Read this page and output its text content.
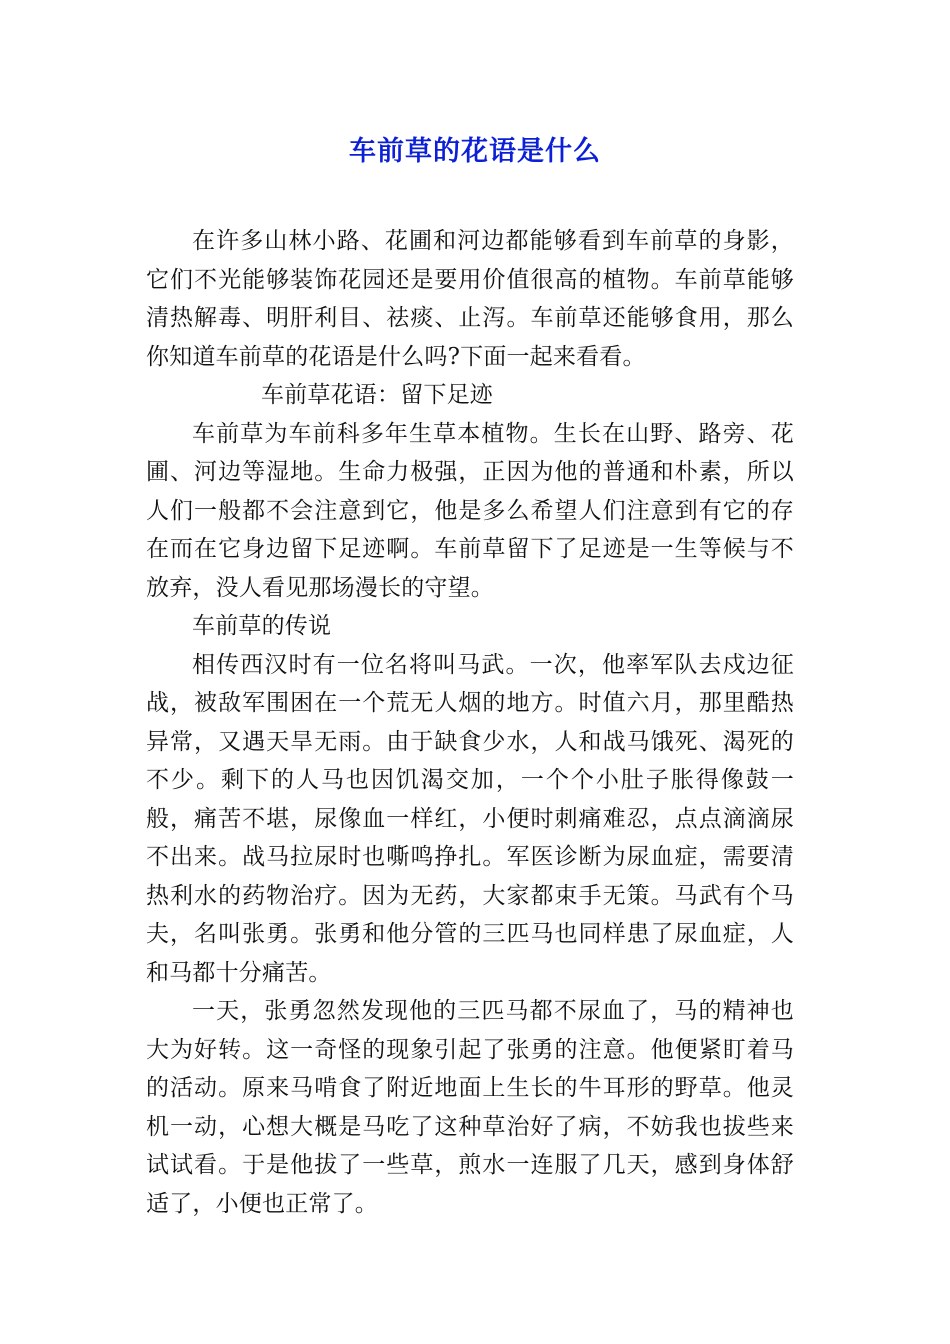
车前草的花语是什么

在许多山林小路、花圃和河边都能够看到车前草的身影，它们不光能够装饰花园还是要用价值很高的植物。车前草能够清热解毒、明肝利目、祛痰、止泻。车前草还能够食用，那么你知道车前草的花语是什么吗?下面一起来看看。

车前草花语：留下足迹

车前草为车前科多年生草本植物。生长在山野、路旁、花圃、河边等湿地。生命力极强，正因为他的普通和朴素，所以人们一般都不会注意到它，他是多么希望人们注意到有它的存在而在它身边留下足迹啊。车前草留下了足迹是一生等候与不放弃，没人看见那场漫长的守望。

车前草的传说

相传西汉时有一位名将叫马武。一次，他率军队去戍边征战，被敌军围困在一个荒无人烟的地方。时值六月，那里酷热异常，又遇天旱无雨。由于缺食少水，人和战马饿死、渴死的不少。剩下的人马也因饥渴交加，一个个小肚子胀得像鼓一般，痛苦不堪，尿像血一样红，小便时刺痛难忍，点点滴滴尿不出来。战马拉尿时也嘶鸣挣扎。军医诊断为尿血症，需要清热利水的药物治疗。因为无药，大家都束手无策。马武有个马夫，名叫张勇。张勇和他分管的三匹马也同样患了尿血症，人和马都十分痛苦。

一天，张勇忽然发现他的三匹马都不尿血了，马的精神也大为好转。这一奇怪的现象引起了张勇的注意。他便紧盯着马的活动。原来马啃食了附近地面上生长的牛耳形的野草。他灵机一动，心想大概是马吃了这种草治好了病，不妨我也拔些来试试看。于是他拔了一些草，煎水一连服了几天，感到身体舒适了，小便也正常了。
